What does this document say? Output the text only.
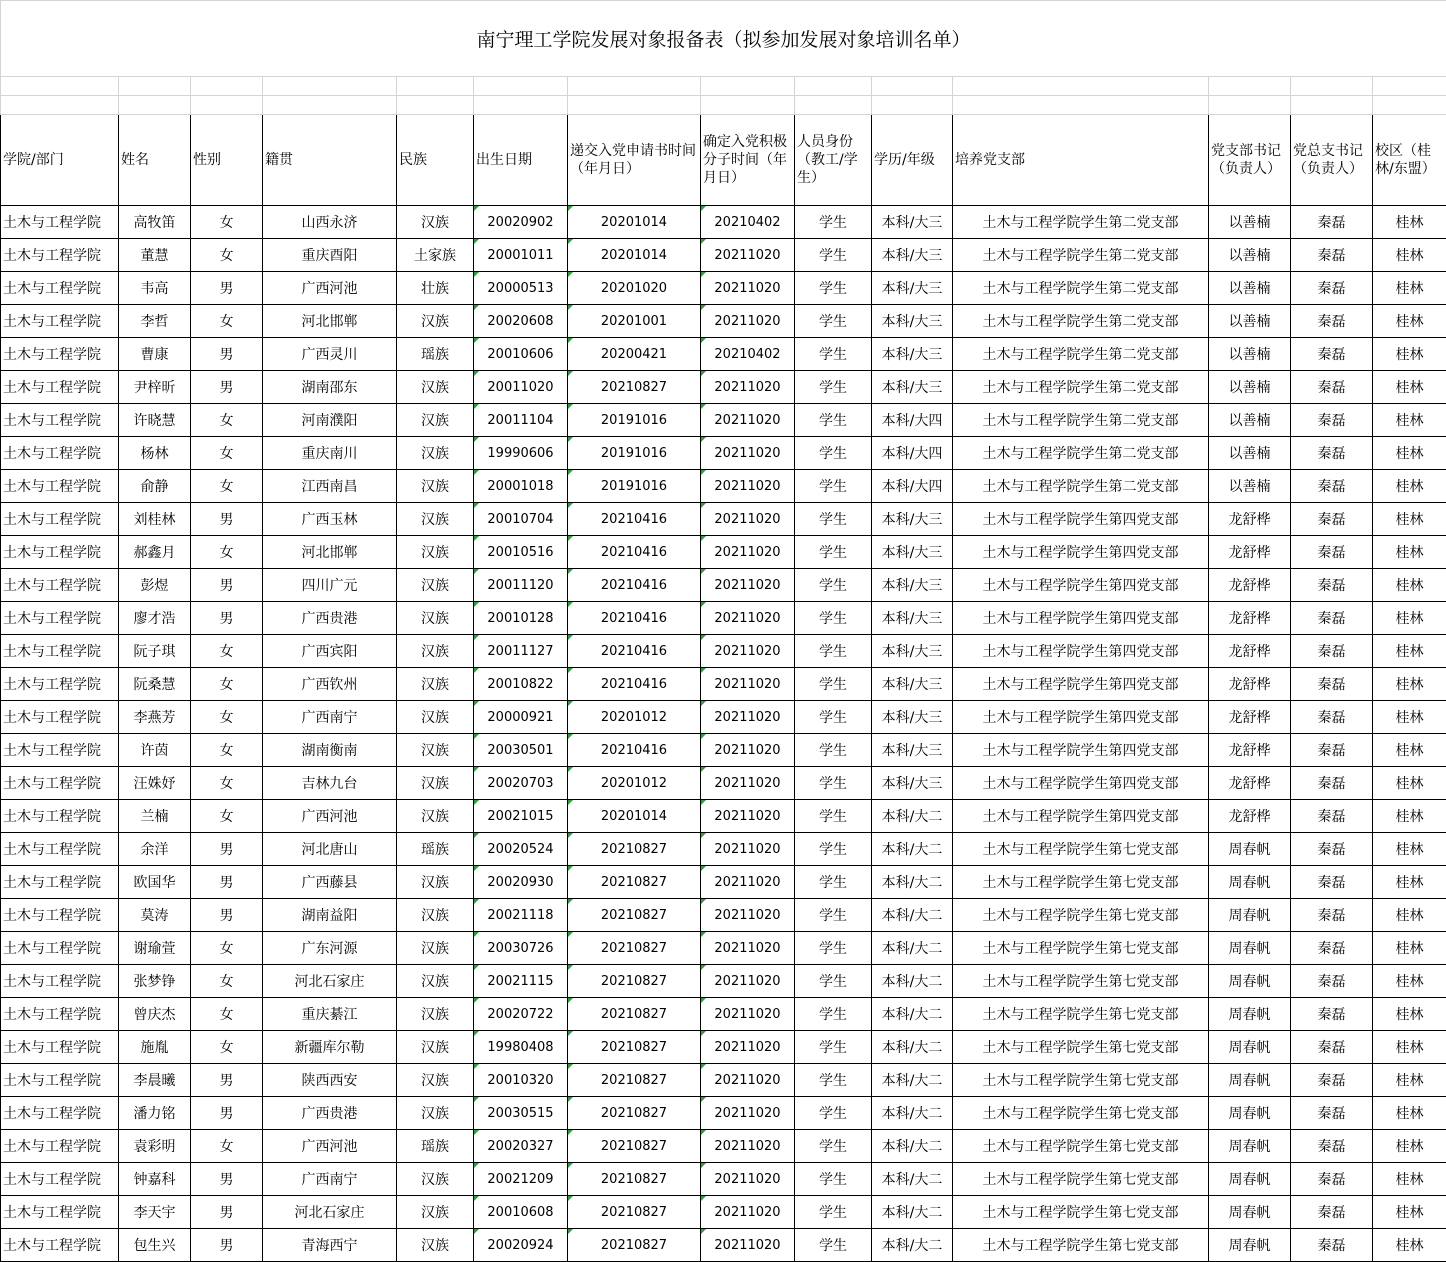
南宁理工学院发展对象报备表（拟参加发展对象培训名单）													

学院/部门	姓名	性别	籍贯	民族	出生日期	递交入党申请书时间（年月日）	确定入党积极分子时间（年月日）	人员身份（教工/学生）	学历/年级	培养党支部	党支部书记（负责人）	党总支书记（负责人）	校区（桂林/东盟）
土木与工程学院	高牧笛	女	山西永济	汉族	20020902	20201014	20210402	学生	本科/大三	土木与工程学院学生第二党支部	以善楠	秦磊	桂林
土木与工程学院	董慧	女	重庆酉阳	土家族	20001011	20201014	20211020	学生	本科/大三	土木与工程学院学生第二党支部	以善楠	秦磊	桂林
土木与工程学院	韦高	男	广西河池	壮族	20000513	20201020	20211020	学生	本科/大三	土木与工程学院学生第二党支部	以善楠	秦磊	桂林
土木与工程学院	李哲	女	河北邯郸	汉族	20020608	20201001	20211020	学生	本科/大三	土木与工程学院学生第二党支部	以善楠	秦磊	桂林
土木与工程学院	曹康	男	广西灵川	瑶族	20010606	20200421	20210402	学生	本科/大三	土木与工程学院学生第二党支部	以善楠	秦磊	桂林
土木与工程学院	尹梓昕	男	湖南邵东	汉族	20011020	20210827	20211020	学生	本科/大三	土木与工程学院学生第二党支部	以善楠	秦磊	桂林
土木与工程学院	许晓慧	女	河南濮阳	汉族	20011104	20191016	20211020	学生	本科/大四	土木与工程学院学生第二党支部	以善楠	秦磊	桂林
土木与工程学院	杨林	女	重庆南川	汉族	19990606	20191016	20211020	学生	本科/大四	土木与工程学院学生第二党支部	以善楠	秦磊	桂林
土木与工程学院	俞静	女	江西南昌	汉族	20001018	20191016	20211020	学生	本科/大四	土木与工程学院学生第二党支部	以善楠	秦磊	桂林
土木与工程学院	刘桂林	男	广西玉林	汉族	20010704	20210416	20211020	学生	本科/大三	土木与工程学院学生第四党支部	龙舒桦	秦磊	桂林
土木与工程学院	郝鑫月	女	河北邯郸	汉族	20010516	20210416	20211020	学生	本科/大三	土木与工程学院学生第四党支部	龙舒桦	秦磊	桂林
土木与工程学院	彭煜	男	四川广元	汉族	20011120	20210416	20211020	学生	本科/大三	土木与工程学院学生第四党支部	龙舒桦	秦磊	桂林
土木与工程学院	廖才浩	男	广西贵港	汉族	20010128	20210416	20211020	学生	本科/大三	土木与工程学院学生第四党支部	龙舒桦	秦磊	桂林
土木与工程学院	阮子琪	女	广西宾阳	汉族	20011127	20210416	20211020	学生	本科/大三	土木与工程学院学生第四党支部	龙舒桦	秦磊	桂林
土木与工程学院	阮桑慧	女	广西钦州	汉族	20010822	20210416	20211020	学生	本科/大三	土木与工程学院学生第四党支部	龙舒桦	秦磊	桂林
土木与工程学院	李燕芳	女	广西南宁	汉族	20000921	20201012	20211020	学生	本科/大三	土木与工程学院学生第四党支部	龙舒桦	秦磊	桂林
土木与工程学院	许茵	女	湖南衡南	汉族	20030501	20210416	20211020	学生	本科/大三	土木与工程学院学生第四党支部	龙舒桦	秦磊	桂林
土木与工程学院	汪姝妤	女	吉林九台	汉族	20020703	20201012	20211020	学生	本科/大三	土木与工程学院学生第四党支部	龙舒桦	秦磊	桂林
土木与工程学院	兰楠	女	广西河池	汉族	20021015	20201014	20211020	学生	本科/大二	土木与工程学院学生第四党支部	龙舒桦	秦磊	桂林
土木与工程学院	余洋	男	河北唐山	瑶族	20020524	20210827	20211020	学生	本科/大二	土木与工程学院学生第七党支部	周春帆	秦磊	桂林
土木与工程学院	欧国华	男	广西藤县	汉族	20020930	20210827	20211020	学生	本科/大二	土木与工程学院学生第七党支部	周春帆	秦磊	桂林
土木与工程学院	莫涛	男	湖南益阳	汉族	20021118	20210827	20211020	学生	本科/大二	土木与工程学院学生第七党支部	周春帆	秦磊	桂林
土木与工程学院	谢瑜萱	女	广东河源	汉族	20030726	20210827	20211020	学生	本科/大二	土木与工程学院学生第七党支部	周春帆	秦磊	桂林
土木与工程学院	张梦铮	女	河北石家庄	汉族	20021115	20210827	20211020	学生	本科/大二	土木与工程学院学生第七党支部	周春帆	秦磊	桂林
土木与工程学院	曾庆杰	女	重庆綦江	汉族	20020722	20210827	20211020	学生	本科/大二	土木与工程学院学生第七党支部	周春帆	秦磊	桂林
土木与工程学院	施胤	女	新疆库尔勒	汉族	19980408	20210827	20211020	学生	本科/大二	土木与工程学院学生第七党支部	周春帆	秦磊	桂林
土木与工程学院	李晨曦	男	陕西西安	汉族	20010320	20210827	20211020	学生	本科/大二	土木与工程学院学生第七党支部	周春帆	秦磊	桂林
土木与工程学院	潘力铭	男	广西贵港	汉族	20030515	20210827	20211020	学生	本科/大二	土木与工程学院学生第七党支部	周春帆	秦磊	桂林
土木与工程学院	袁彩明	女	广西河池	瑶族	20020327	20210827	20211020	学生	本科/大二	土木与工程学院学生第七党支部	周春帆	秦磊	桂林
土木与工程学院	钟嘉科	男	广西南宁	汉族	20021209	20210827	20211020	学生	本科/大二	土木与工程学院学生第七党支部	周春帆	秦磊	桂林
土木与工程学院	李天宇	男	河北石家庄	汉族	20010608	20210827	20211020	学生	本科/大二	土木与工程学院学生第七党支部	周春帆	秦磊	桂林
土木与工程学院	包生兴	男	青海西宁	汉族	20020924	20210827	20211020	学生	本科/大二	土木与工程学院学生第七党支部	周春帆	秦磊	桂林
